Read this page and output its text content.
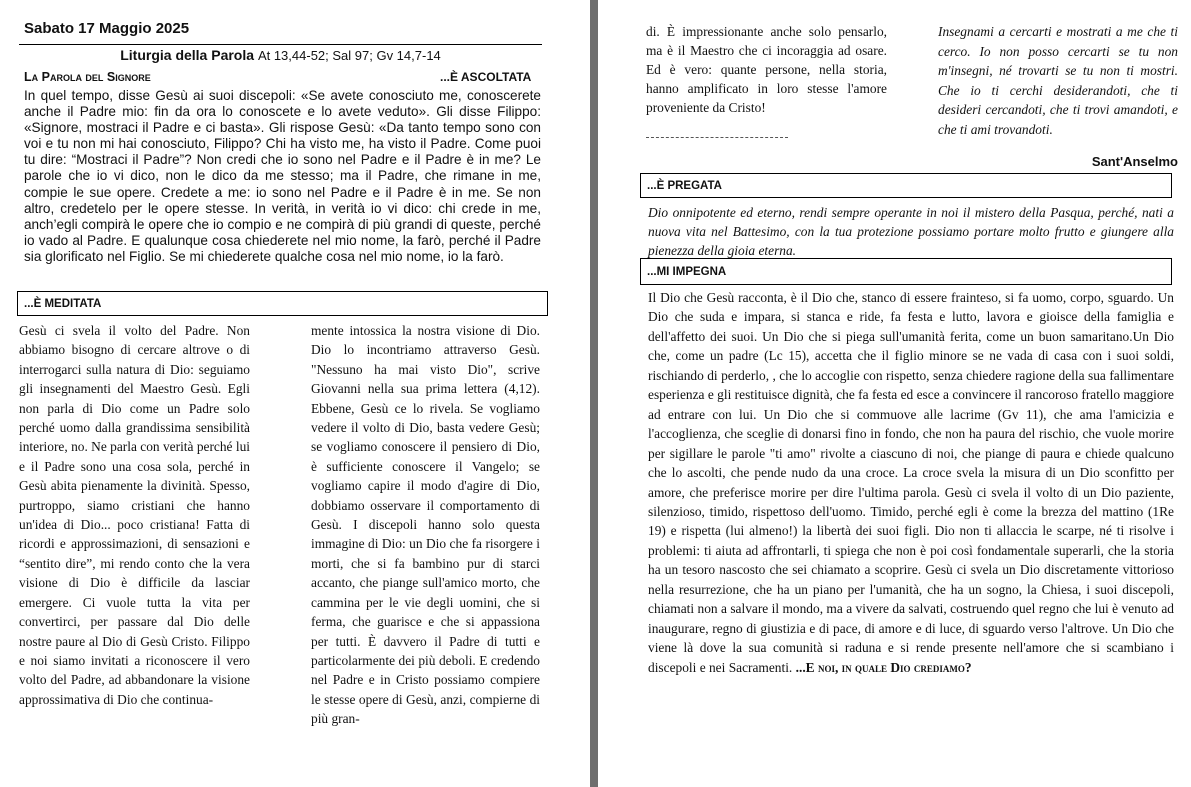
Sabato 17 Maggio 2025
Liturgia della Parola At 13,44-52; Sal 97; Gv 14,7-14
La Parola del Signore	...È ASCOLTATA
In quel tempo, disse Gesù ai suoi discepoli: «Se avete conosciuto me, conoscerete anche il Padre mio: fin da ora lo conoscete e lo avete veduto». Gli disse Filippo: «Signore, mostraci il Padre e ci basta». Gli rispose Gesù: «Da tanto tempo sono con voi e tu non mi hai conosciuto, Filippo? Chi ha visto me, ha visto il Padre. Come puoi tu dire: “Mostraci il Padre”? Non credi che io sono nel Padre e il Padre è in me? Le parole che io vi dico, non le dico da me stesso; ma il Padre, che rimane in me, compie le sue opere. Credete a me: io sono nel Padre e il Padre è in me. Se non altro, credetelo per le opere stesse. In verità, in verità io vi dico: chi crede in me, anch’egli compirà le opere che io compio e ne compirà di più grandi di queste, perché io vado al Padre. E qualunque cosa chiederete nel mio nome, la farò, perché il Padre sia glorificato nel Figlio. Se mi chiederete qualche cosa nel mio nome, io la farò.
...È MEDITATA
Gesù ci svela il volto del Padre. Non abbiamo bisogno di cercare altrove o di interrogarci sulla natura di Dio: seguiamo gli insegnamenti del Maestro Gesù. Egli non parla di Dio come un Padre solo perché uomo dalla grandissima sensibilità interiore, no. Ne parla con verità perché lui e il Padre sono una cosa sola, perché in Gesù abita pienamente la divinità. Spesso, purtroppo, siamo cristiani che hanno un'idea di Dio... poco cristiana! Fatta di ricordi e approssimazioni, di sensazioni e “sentito dire”, mi rendo conto che la vera visione di Dio è difficile da lasciar emergere. Ci vuole tutta la vita per convertirci, per passare dal Dio delle nostre paure al Dio di Gesù Cristo. Filippo e noi siamo invitati a riconoscere il vero volto del Padre, ad abbandonare la visione approssimativa di Dio che continua-
mente intossica la nostra visione di Dio. Dio lo incontriamo attraverso Gesù. "Nessuno ha mai visto Dio", scrive Giovanni nella sua prima lettera (4,12). Ebbene, Gesù ce lo rivela. Se vogliamo vedere il volto di Dio, basta vedere Gesù; se vogliamo conoscere il pensiero di Dio, è sufficiente conoscere il Vangelo; se vogliamo capire il modo d'agire di Dio, dobbiamo osservare il comportamento di Gesù. I discepoli hanno solo questa immagine di Dio: un Dio che fa risorgere i morti, che si fa bambino pur di starci accanto, che piange sull'amico morto, che cammina per le vie degli uomini, che si ferma, che guarisce e che si appassiona per tutti. È davvero il Padre di tutti e particolarmente dei più deboli. E credendo nel Padre e in Cristo possiamo compiere le stesse opere di Gesù, anzi, compierne di più gran-
di. È impressionante anche solo pensarlo, ma è il Maestro che ci incoraggia ad osare. Ed è vero: quante persone, nella storia, hanno amplificato in loro stesse l'amore proveniente da Cristo!
Insegnami a cercarti e mostrati a me che ti cerco. Io non posso cercarti se tu non m'insegni, né trovarti se tu non ti mostri. Che io ti cerchi desiderandoti, che ti desideri cercandoti, che ti trovi amandoti, e che ti ami trovandoti.
Sant'Anselmo
...È PREGATA
Dio onnipotente ed eterno, rendi sempre operante in noi il mistero della Pasqua, perché, nati a nuova vita nel Battesimo, con la tua protezione possiamo portare molto frutto e giungere alla pienezza della gioia eterna.
...MI IMPEGNA
Il Dio che Gesù racconta, è il Dio che, stanco di essere frainteso, si fa uomo, corpo, sguardo. Un Dio che suda e impara, si stanca e ride, fa festa e lutto, lavora e gioisce della famiglia e dell'affetto dei suoi. Un Dio che si piega sull'umanità ferita, come un buon samaritano.Un Dio che, come un padre (Lc 15), accetta che il figlio minore se ne vada di casa con i suoi soldi, rischiando di perderlo, , che lo accoglie con rispetto, senza chiedere ragione della sua fallimentare esperienza e gli restituisce dignità, che fa festa ed esce a convincere il rancoroso fratello maggiore ad entrare con lui. Un Dio che si commuove alle lacrime (Gv 11), che ama l'amicizia e l'accoglienza, che sceglie di donarsi fino in fondo, che non ha paura del rischio, che vuole morire per sigillare le parole "ti amo" rivolte a ciascuno di noi, che piange di paura e chiede qualcuno che lo ascolti, che pende nudo da una croce. La croce svela la misura di un Dio sconfitto per amore, che preferisce morire per dire l'ultima parola. Gesù ci svela il volto di un Dio paziente, silenzioso, timido, rispettoso dell'uomo. Timido, perché egli è come la brezza del mattino (1Re 19) e rispetta (lui almeno!) la libertà dei suoi figli. Dio non ti allaccia le scarpe, né ti risolve i problemi: ti aiuta ad affrontarli, ti spiega che non è poi così fondamentale superarli, che la storia ha un tesoro nascosto che sei chiamato a scoprire. Gesù ci svela un Dio discretamente vittorioso nella resurrezione, che ha un piano per l'umanità, che ha un sogno, la Chiesa, i suoi discepoli, chiamati non a salvare il mondo, ma a vivere da salvati, costruendo quel regno che lui è venuto ad inaugurare, regno di giustizia e di pace, di amore e di luce, di sguardo verso l'altrove. Un Dio che viene là dove la sua comunità si raduna e si rende presente nell'amore che si scambiano i discepoli e nei Sacramenti. ...E noi, in quale Dio crediamo?
